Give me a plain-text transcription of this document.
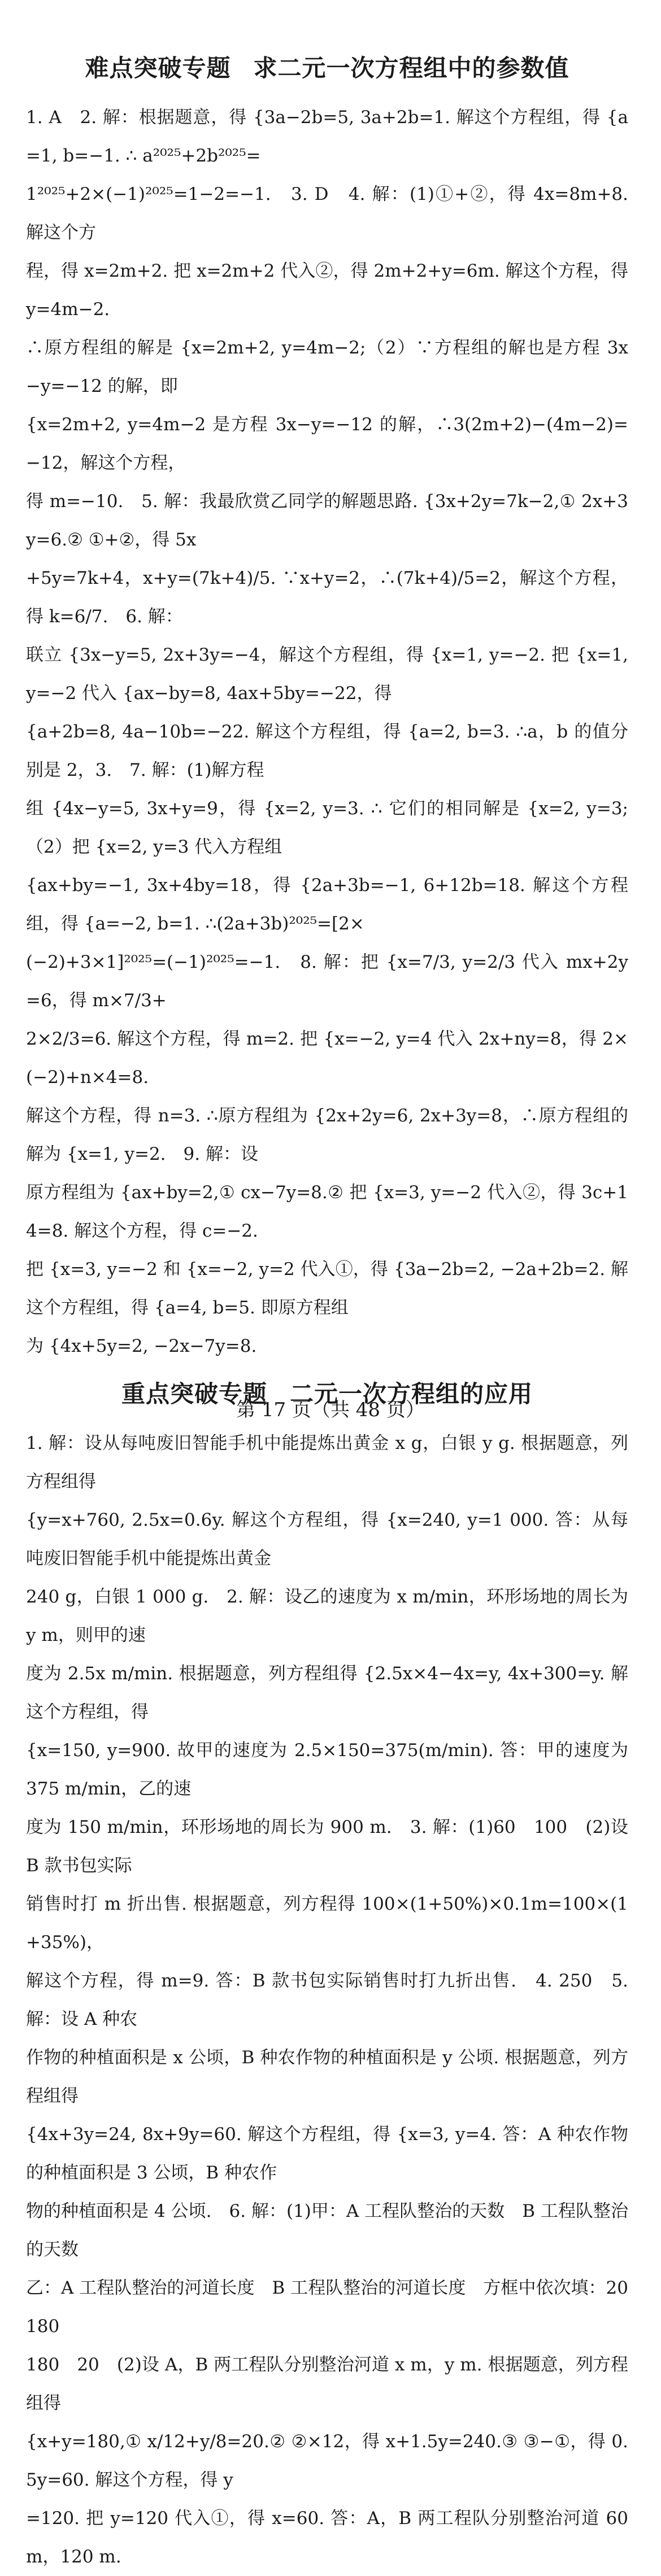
难点突破专题 求二元一次方程组中的参数值

1. A　2. 解：根据题意，得 {3a−2b=5, 3a+2b=1. 解这个方程组，得 {a=1, b=−1. ∴ a²⁰²⁵+2b²⁰²⁵=

1²⁰²⁵+2×(−1)²⁰²⁵=1−2=−1.　3. D　4. 解：(1)①+②，得 4x=8m+8. 解这个方

程，得 x=2m+2. 把 x=2m+2 代入②，得 2m+2+y=6m. 解这个方程，得 y=4m−2.

∴原方程组的解是 {x=2m+2, y=4m−2;（2）∵方程组的解也是方程 3x−y=−12 的解，即

{x=2m+2, y=4m−2 是方程 3x−y=−12 的解，∴3(2m+2)−(4m−2)=−12，解这个方程，

得 m=−10.　5. 解：我最欣赏乙同学的解题思路. {3x+2y=7k−2,① 2x+3y=6.② ①+②，得 5x

+5y=7k+4，x+y=(7k+4)/5. ∵x+y=2，∴(7k+4)/5=2，解这个方程，得 k=6/7.　6. 解：

联立 {3x−y=5, 2x+3y=−4，解这个方程组，得 {x=1, y=−2. 把 {x=1, y=−2 代入 {ax−by=8, 4ax+5by=−22，得

{a+2b=8, 4a−10b=−22. 解这个方程组，得 {a=2, b=3. ∴a，b 的值分别是 2，3.　7. 解：(1)解方程

组 {4x−y=5, 3x+y=9，得 {x=2, y=3. ∴ 它们的相同解是 {x=2, y=3;（2）把 {x=2, y=3 代入方程组

{ax+by=−1, 3x+4by=18，得 {2a+3b=−1, 6+12b=18. 解这个方程组，得 {a=−2, b=1. ∴(2a+3b)²⁰²⁵=[2×

(−2)+3×1]²⁰²⁵=(−1)²⁰²⁵=−1.　8. 解：把 {x=7/3, y=2/3 代入 mx+2y=6，得 m×7/3+

2×2/3=6. 解这个方程，得 m=2. 把 {x=−2, y=4 代入 2x+ny=8，得 2×(−2)+n×4=8.

解这个方程，得 n=3. ∴原方程组为 {2x+2y=6, 2x+3y=8，∴原方程组的解为 {x=1, y=2.　9. 解：设

原方程组为 {ax+by=2,① cx−7y=8.② 把 {x=3, y=−2 代入②，得 3c+14=8. 解这个方程，得 c=−2.

把 {x=3, y=−2 和 {x=−2, y=2 代入①，得 {3a−2b=2, −2a+2b=2. 解这个方程组，得 {a=4, b=5. 即原方程组

为 {4x+5y=2, −2x−7y=8.

重点突破专题 二元一次方程组的应用

1. 解：设从每吨废旧智能手机中能提炼出黄金 x g，白银 y g. 根据题意，列方程组得

{y=x+760, 2.5x=0.6y. 解这个方程组，得 {x=240, y=1 000. 答：从每吨废旧智能手机中能提炼出黄金

240 g，白银 1 000 g.　2. 解：设乙的速度为 x m/min，环形场地的周长为 y m，则甲的速

度为 2.5x m/min. 根据题意，列方程组得 {2.5x×4−4x=y, 4x+300=y. 解这个方程组，得

{x=150, y=900. 故甲的速度为 2.5×150=375(m/min). 答：甲的速度为 375 m/min，乙的速

度为 150 m/min，环形场地的周长为 900 m.　3. 解：(1)60　100　(2)设 B 款书包实际

销售时打 m 折出售. 根据题意，列方程得 100×(1+50%)×0.1m=100×(1+35%)，

解这个方程，得 m=9. 答：B 款书包实际销售时打九折出售.　4. 250　5. 解：设 A 种农

作物的种植面积是 x 公顷，B 种农作物的种植面积是 y 公顷. 根据题意，列方程组得

{4x+3y=24, 8x+9y=60. 解这个方程组，得 {x=3, y=4. 答：A 种农作物的种植面积是 3 公顷，B 种农作

物的种植面积是 4 公顷.　6. 解：(1)甲：A 工程队整治的天数　B 工程队整治的天数

乙：A 工程队整治的河道长度　B 工程队整治的河道长度　方框中依次填：20　180

180　20　(2)设 A，B 两工程队分别整治河道 x m，y m. 根据题意，列方程组得

{x+y=180,① x/12+y/8=20.② ②×12，得 x+1.5y=240.③ ③−①，得 0.5y=60. 解这个方程，得 y

=120. 把 y=120 代入①，得 x=60. 答：A，B 两工程队分别整治河道 60 m，120 m.

第 17 页（共 48 页）
